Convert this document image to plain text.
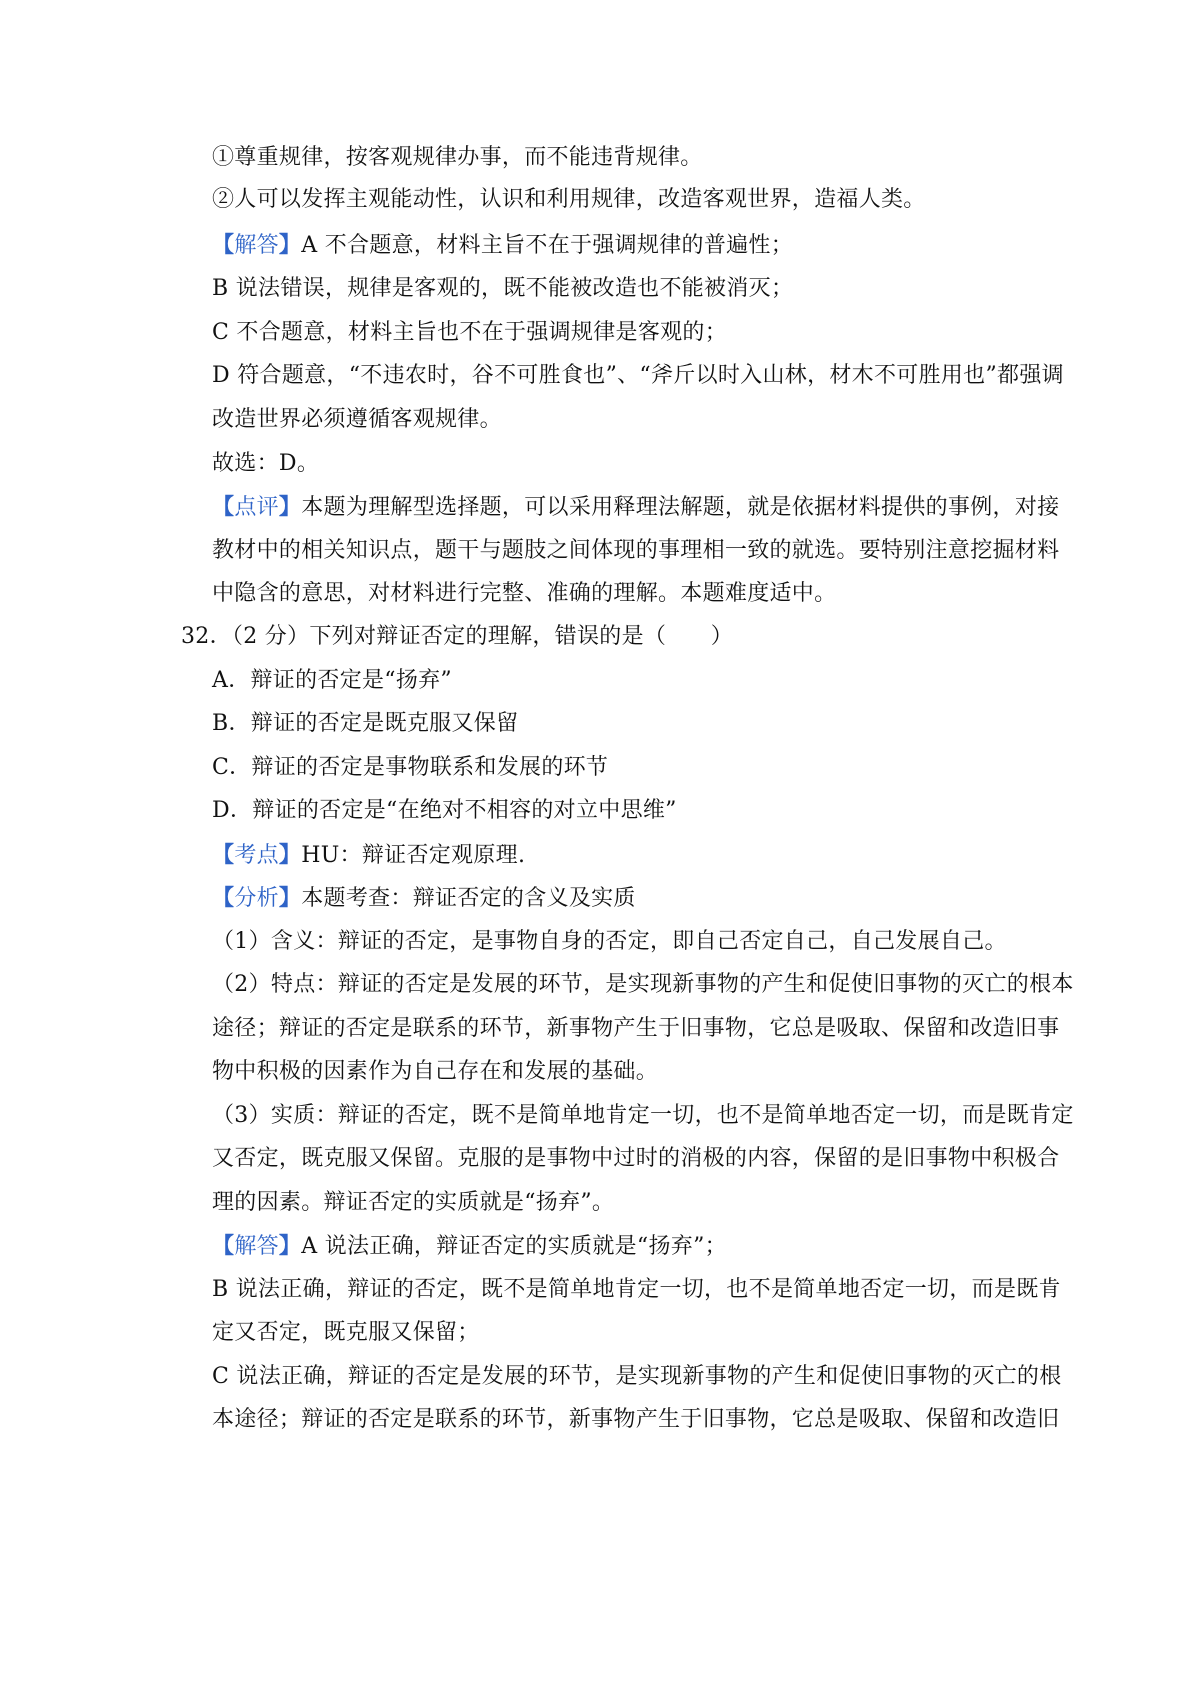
①尊重规律，按客观规律办事，而不能违背规律。
②人可以发挥主观能动性，认识和利用规律，改造客观世界，造福人类。
【解答】A 不合题意，材料主旨不在于强调规律的普遍性；
B 说法错误，规律是客观的，既不能被改造也不能被消灭；
C 不合题意，材料主旨也不在于强调规律是客观的；
D 符合题意，“不违农时，谷不可胜食也”、“斧斤以时入山林，材木不可胜用也”都强调
改造世界必须遵循客观规律。
故选：D。
【点评】本题为理解型选择题，可以采用释理法解题，就是依据材料提供的事例，对接
教材中的相关知识点，题干与题肢之间体现的事理相一致的就选。要特别注意挖掘材料
中隐含的意思，对材料进行完整、准确的理解。本题难度适中。
32．（2 分）下列对辩证否定的理解，错误的是（　　）
A．辩证的否定是“扬弃”
B．辩证的否定是既克服又保留
C．辩证的否定是事物联系和发展的环节
D．辩证的否定是“在绝对不相容的对立中思维”
【考点】HU：辩证否定观原理.
【分析】本题考查：辩证否定的含义及实质
（1）含义：辩证的否定，是事物自身的否定，即自己否定自己，自己发展自己。
（2）特点：辩证的否定是发展的环节，是实现新事物的产生和促使旧事物的灭亡的根本
途径；辩证的否定是联系的环节，新事物产生于旧事物，它总是吸取、保留和改造旧事
物中积极的因素作为自己存在和发展的基础。
（3）实质：辩证的否定，既不是简单地肯定一切，也不是简单地否定一切，而是既肯定
又否定，既克服又保留。克服的是事物中过时的消极的内容，保留的是旧事物中积极合
理的因素。辩证否定的实质就是“扬弃”。
【解答】A 说法正确，辩证否定的实质就是“扬弃”；
B 说法正确，辩证的否定，既不是简单地肯定一切，也不是简单地否定一切，而是既肯
定又否定，既克服又保留；
C 说法正确，辩证的否定是发展的环节，是实现新事物的产生和促使旧事物的灭亡的根
本途径；辩证的否定是联系的环节，新事物产生于旧事物，它总是吸取、保留和改造旧
